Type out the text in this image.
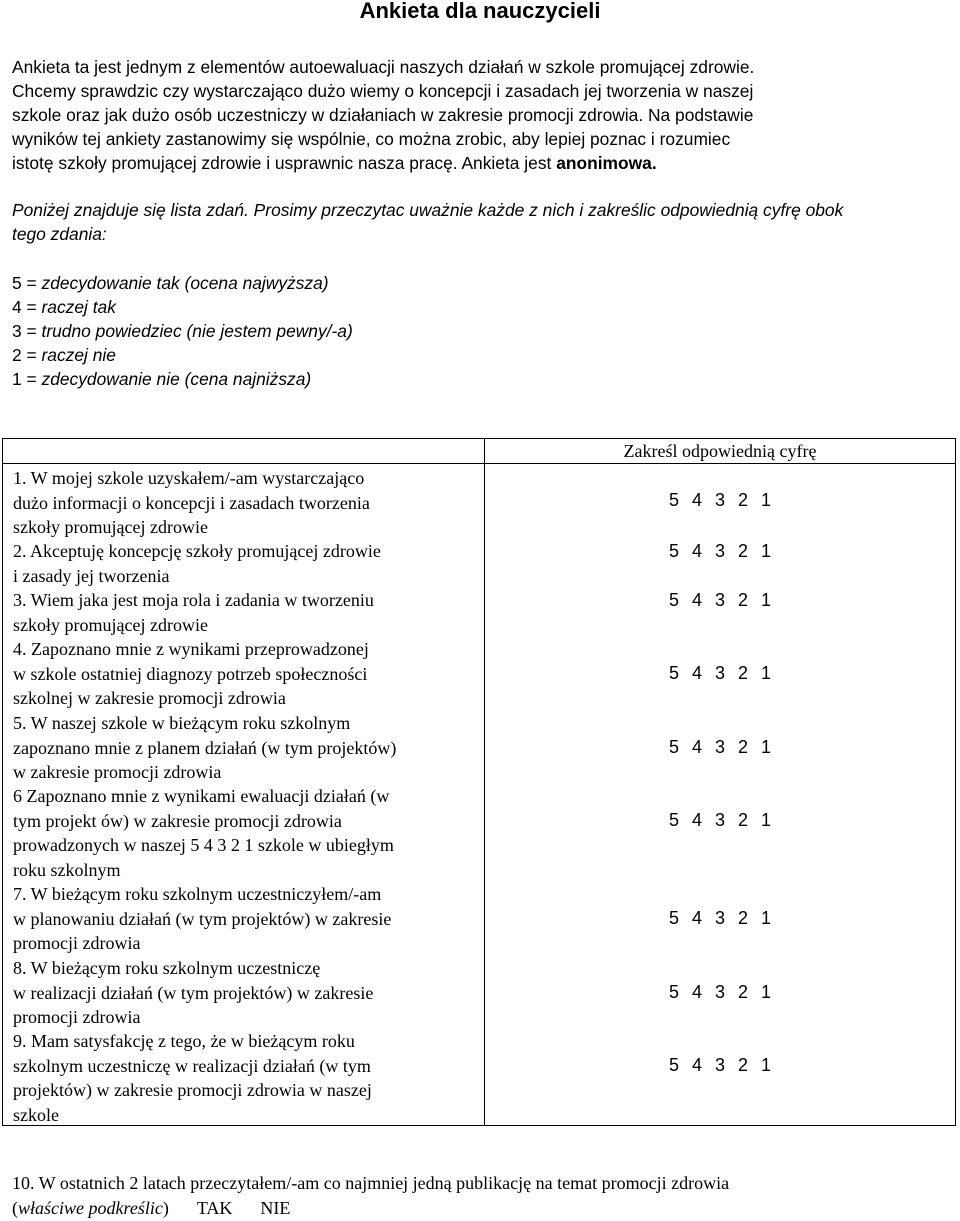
Ankieta dla nauczycieli

Ankieta ta jest jednym z elementów autoewaluacji naszych działań w szkole promującej zdrowie.

Chcemy sprawdzic czy wystarczająco dużo wiemy o koncepcji i zasadach jej tworzenia w naszej

szkole oraz jak dużo osób uczestniczy w działaniach w zakresie promocji zdrowia. Na podstawie

wyników tej ankiety zastanowimy się wspólnie, co można zrobic, aby lepiej poznac i rozumiec

istotę szkoły promującej zdrowie i usprawnic nasza pracę. Ankieta jest anonimowa.

Poniżej znajduje się lista zdań. Prosimy przeczytac uważnie każde z nich i zakreślic odpowiednią cyfrę obok

tego zdania:

5 = zdecydowanie tak (ocena najwyższa)
4 = raczej tak
3 = trudno powiedziec (nie jestem pewny/-a)
2 = raczej nie
1 = zdecydowanie nie (cena najniższa)
Zakreśl odpowiednią cyfrę

1. W mojej szkole uzyskałem/-am wystarczająco

dużo informacji o koncepcji i zasadach tworzenia

szkoły promującej zdrowie

5 4 3 2 1

2. Akceptuję koncepcję szkoły promującej zdrowie

i zasady jej tworzenia

5 4 3 2 1

3. Wiem jaka jest moja rola i zadania w tworzeniu

szkoły promującej zdrowie

5 4 3 2 1

4. Zapoznano mnie z wynikami przeprowadzonej

w szkole ostatniej diagnozy potrzeb społeczności

szkolnej w zakresie promocji zdrowia

5 4 3 2 1

5. W naszej szkole w bieżącym roku szkolnym

zapoznano mnie z planem działań (w tym projektów)

w zakresie promocji zdrowia

5 4 3 2 1

6 Zapoznano mnie z wynikami ewaluacji działań (w

tym projekt ów) w zakresie promocji zdrowia

prowadzonych w naszej 5 4 3 2 1 szkole w ubiegłym

roku szkolnym

5 4 3 2 1

7. W bieżącym roku szkolnym uczestniczyłem/-am

w planowaniu działań (w tym projektów) w zakresie

promocji zdrowia

5 4 3 2 1

8. W bieżącym roku szkolnym uczestniczę

w realizacji działań (w tym projektów) w zakresie

promocji zdrowia

5 4 3 2 1

9. Mam satysfakcję z tego, że w bieżącym roku

szkolnym uczestniczę w realizacji działań (w tym

projektów) w zakresie promocji zdrowia w naszej

szkole

5 4 3 2 1

10. W ostatnich 2 latach przeczytałem/-am co najmniej jedną publikację na temat promocji zdrowia

(właściwe podkreślic) TAK NIE
